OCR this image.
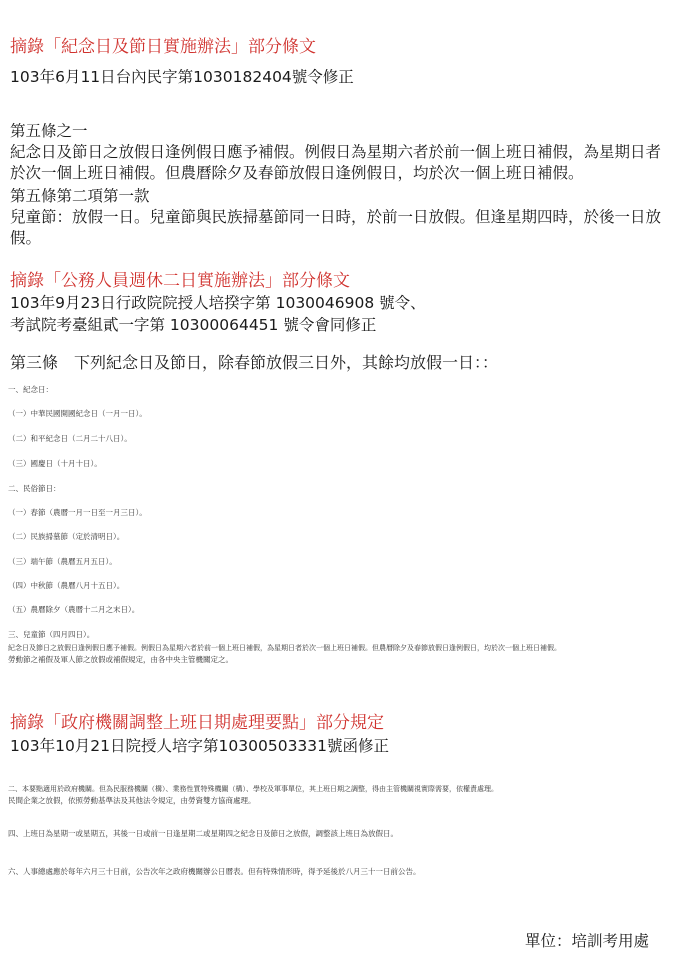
摘錄「紀念日及節日實施辦法」部分條文
103年6月11日台內民字第1030182404號令修正
第五條之一
紀念日及節日之放假日逢例假日應予補假。例假日為星期六者於前一個上班日補假，為星期日者於次一個上班日補假。但農曆除夕及春節放假日逢例假日，均於次一個上班日補假。
第五條第二項第一款
兒童節：放假一日。兒童節與民族掃墓節同一日時，於前一日放假。但逢星期四時，於後一日放假。
摘錄「公務人員週休二日實施辦法」部分條文
103年9月23日行政院院授人培揆字第 1030046908 號令、
考試院考臺組貳一字第 10300064451 號令會同修正
第三條　下列紀念日及節日，除春節放假三日外，其餘均放假一日：：
一、紀念日：
（一）中華民國開國紀念日（一月一日）。
（二）和平紀念日（二月二十八日）。
（三）國慶日（十月十日）。
二、民俗節日：
（一）春節（農曆一月一日至一月三日）。
（二）民族掃墓節（定於清明日）。
（三）端午節（農曆五月五日）。
（四）中秋節（農曆八月十五日）。
（五）農曆除夕（農曆十二月之末日）。
三、兒童節（四月四日）。
紀念日及節日之放假日逢例假日應予補假。例假日為星期六者於前一個上班日補假，為星期日者於次一個上班日補假。但農曆除夕及春節放假日逢例假日，均於次一個上班日補假。
勞動節之補假及軍人節之放假或補假規定，由各中央主管機關定之。
摘錄「政府機關調整上班日期處理要點」部分規定
103年10月21日院授人培字第10300503331號函修正
二、本要點適用於政府機關。但為民服務機關（構）、業務性質特殊機關（構）、學校及軍事單位，其上班日期之調整，得由主管機關視實際需要，依權責處理。
民間企業之放假，依照勞動基準法及其他法令規定，由勞資雙方協商處理。
四、上班日為星期一或星期五，其後一日或前一日逢星期二或星期四之紀念日及節日之放假，調整該上班日為放假日。
六、人事總處應於每年六月三十日前，公告次年之政府機關辦公日曆表。但有特殊情形時，得予延後於八月三十一日前公告。
單位：培訓考用處
